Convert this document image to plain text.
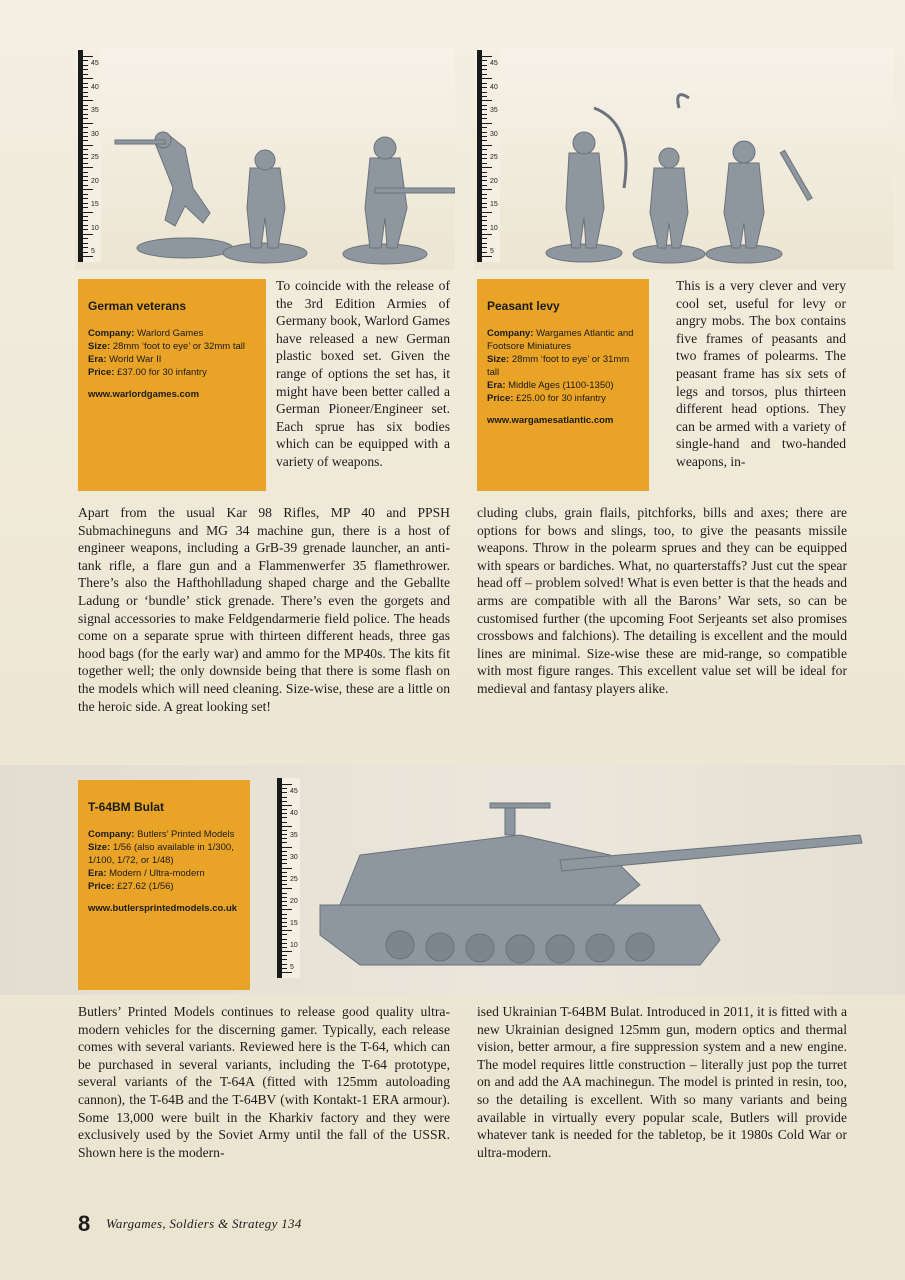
45
40
35
30
25
20
15
10
5
45
40
35
30
25
20
15
10
5
German veterans
Company: Warlord Games
Size: 28mm ‘foot to eye’ or 32mm tall
Era: World War II
Price: £37.00 for 30 infantry
www.warlordgames.com
To coincide with the release of the 3rd Edition Armies of Germany book, Warlord Games have released a new German plastic boxed set. Given the range of options the set has, it might have been better called a German Pioneer/Engineer set. Each sprue has six bodies which can be equipped with a variety of weapons.
Apart from the usual Kar 98 Rifles, MP 40 and PPSH Submachineguns and MG 34 machine gun, there is a host of engineer weapons, including a GrB-39 grenade launcher, an anti-tank rifle, a flare gun and a Flammenwerfer 35 flamethrower. There’s also the Hafthohlladung shaped charge and the Geballte Ladung or ‘bundle’ stick grenade. There’s even the gorgets and signal accessories to make Feldgendarmerie field police. The heads come on a separate sprue with thirteen different heads, three gas hood bags (for the early war) and ammo for the MP40s. The kits fit together well; the only downside being that there is some flash on the models which will need cleaning. Size-wise, these are a little on the heroic side. A great looking set!
Peasant levy
Company: Wargames Atlantic and Footsore Miniatures
Size: 28mm ‘foot to eye’ or 31mm tall
Era: Middle Ages (1100-1350)
Price: £25.00 for 30 infantry
www.wargamesatlantic.com
This is a very clever and very cool set, useful for levy or angry mobs. The box contains five frames of peasants and two frames of polearms. The peasant frame has six sets of legs and torsos, plus thirteen different head options. They can be armed with a variety of single-hand and two-handed weapons, in-
cluding clubs, grain flails, pitchforks, bills and axes; there are options for bows and slings, too, to give the peasants missile weapons. Throw in the polearm sprues and they can be equipped with spears or bardiches. What, no quarterstaffs? Just cut the spear head off – problem solved! What is even better is that the heads and arms are compatible with all the Barons’ War sets, so can be customised further (the upcoming Foot Serjeants set also promises crossbows and falchions). The detailing is excellent and the mould lines are minimal. Size-wise these are mid-range, so compatible with most figure ranges. This excellent value set will be ideal for medieval and fantasy players alike.
45
40
35
30
25
20
15
10
5
T-64BM Bulat
Company: Butlers’ Printed Models
Size: 1/56 (also available in 1/300, 1/100, 1/72, or 1/48)
Era: Modern / Ultra-modern
Price: £27.62 (1/56)
www.butlersprintedmodels.co.uk
Butlers’ Printed Models continues to release good quality ultra-modern vehicles for the discerning gamer. Typically, each release comes with several variants. Reviewed here is the T-64, which can be purchased in several variants, including the T-64 prototype, several variants of the T-64A (fitted with 125mm autoloading cannon), the T-64B and the T-64BV (with Kontakt-1 ERA armour). Some 13,000 were built in the Kharkiv factory and they were exclusively used by the Soviet Army until the fall of the USSR. Shown here is the modern-
ised Ukrainian T-64BM Bulat. Introduced in 2011, it is fitted with a new Ukrainian designed 125mm gun, modern optics and thermal vision, better armour, a fire suppression system and a new engine. The model requires little construction – literally just pop the turret on and add the AA machinegun. The model is printed in resin, too, so the detailing is excellent. With so many variants and being available in virtually every popular scale, Butlers will provide whatever tank is needed for the tabletop, be it 1980s Cold War or ultra-modern.
8 Wargames, Soldiers & Strategy 134
